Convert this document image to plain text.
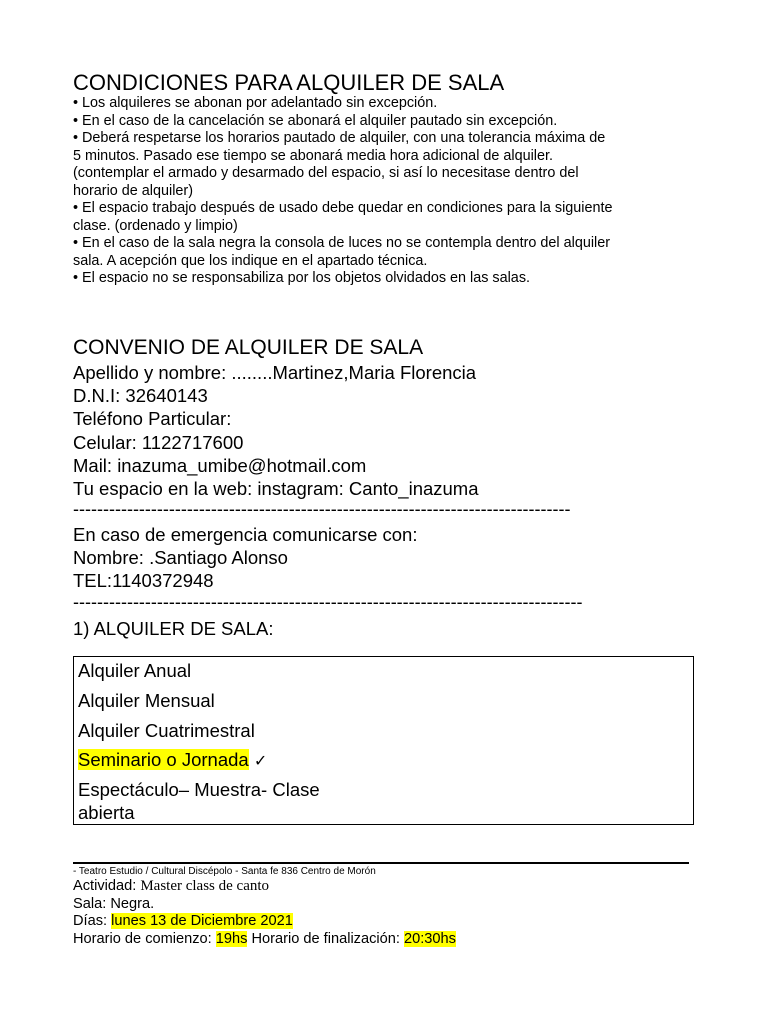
CONDICIONES PARA ALQUILER DE SALA
• Los alquileres se abonan por adelantado sin excepción.
• En el caso de la cancelación se abonará el alquiler pautado sin excepción.
• Deberá respetarse los horarios pautado de alquiler, con una tolerancia máxima de
5 minutos. Pasado ese tiempo se abonará media hora adicional de alquiler.
(contemplar el armado y desarmado del espacio, si así lo necesitase dentro del
horario de alquiler)
• El espacio trabajo después de usado debe quedar en condiciones para la siguiente
clase. (ordenado y limpio)
• En el caso de la sala negra la consola de luces no se contempla dentro del alquiler
sala. A acepción que los indique en el apartado técnica.
• El espacio no se responsabiliza por los objetos olvidados en las salas.
CONVENIO DE ALQUILER DE SALA
Apellido y nombre: ........Martinez,Maria Florencia
D.N.I: 32640143
Teléfono Particular:
Celular: 1122717600
Mail: inazuma_umibe@hotmail.com
Tu espacio en la web: instagram: Canto_inazuma
-----------------------------------------------------------------------------------
En caso de emergencia comunicarse con:
Nombre: .Santiago Alonso
TEL:1140372948
-------------------------------------------------------------------------------------
1) ALQUILER DE SALA:
Alquiler Anual
Alquiler Mensual
Alquiler Cuatrimestral
Seminario o Jornada ✓
Espectáculo– Muestra- Clase
abierta
- Teatro Estudio / Cultural Discépolo - Santa fe 836 Centro de Morón
Actividad: Master class de canto
Sala: Negra.
Días: lunes 13 de Diciembre 2021
Horario de comienzo: 19hs Horario de finalización: 20:30hs
